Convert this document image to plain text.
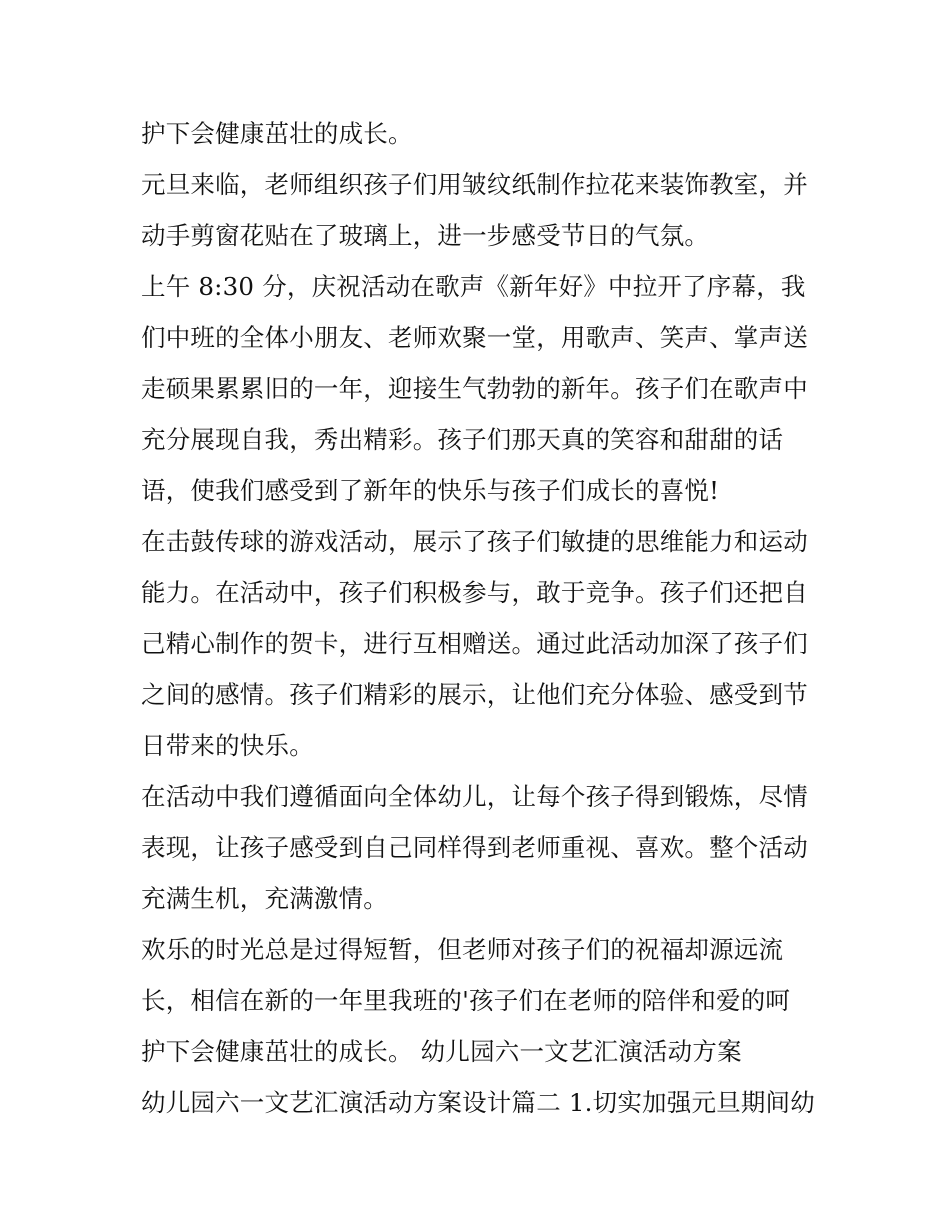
护下会健康茁壮的成长。
元旦来临，老师组织孩子们用皱纹纸制作拉花来装饰教室，并
动手剪窗花贴在了玻璃上，进一步感受节日的气氛。
上午 8:30 分，庆祝活动在歌声《新年好》中拉开了序幕，我
们中班的全体小朋友、老师欢聚一堂，用歌声、笑声、掌声送
走硕果累累旧的一年，迎接生气勃勃的新年。孩子们在歌声中
充分展现自我，秀出精彩。孩子们那天真的笑容和甜甜的话
语，使我们感受到了新年的快乐与孩子们成长的喜悦!
在击鼓传球的游戏活动，展示了孩子们敏捷的思维能力和运动
能力。在活动中，孩子们积极参与，敢于竞争。孩子们还把自
己精心制作的贺卡，进行互相赠送。通过此活动加深了孩子们
之间的感情。孩子们精彩的展示，让他们充分体验、感受到节
日带来的快乐。
在活动中我们遵循面向全体幼儿，让每个孩子得到锻炼，尽情
表现，让孩子感受到自己同样得到老师重视、喜欢。整个活动
充满生机，充满激情。
欢乐的时光总是过得短暂，但老师对孩子们的祝福却源远流
长，相信在新的一年里我班的'孩子们在老师的陪伴和爱的呵
护下会健康茁壮的成长。 幼儿园六一文艺汇演活动方案
幼儿园六一文艺汇演活动方案设计篇二 1.切实加强元旦期间幼
